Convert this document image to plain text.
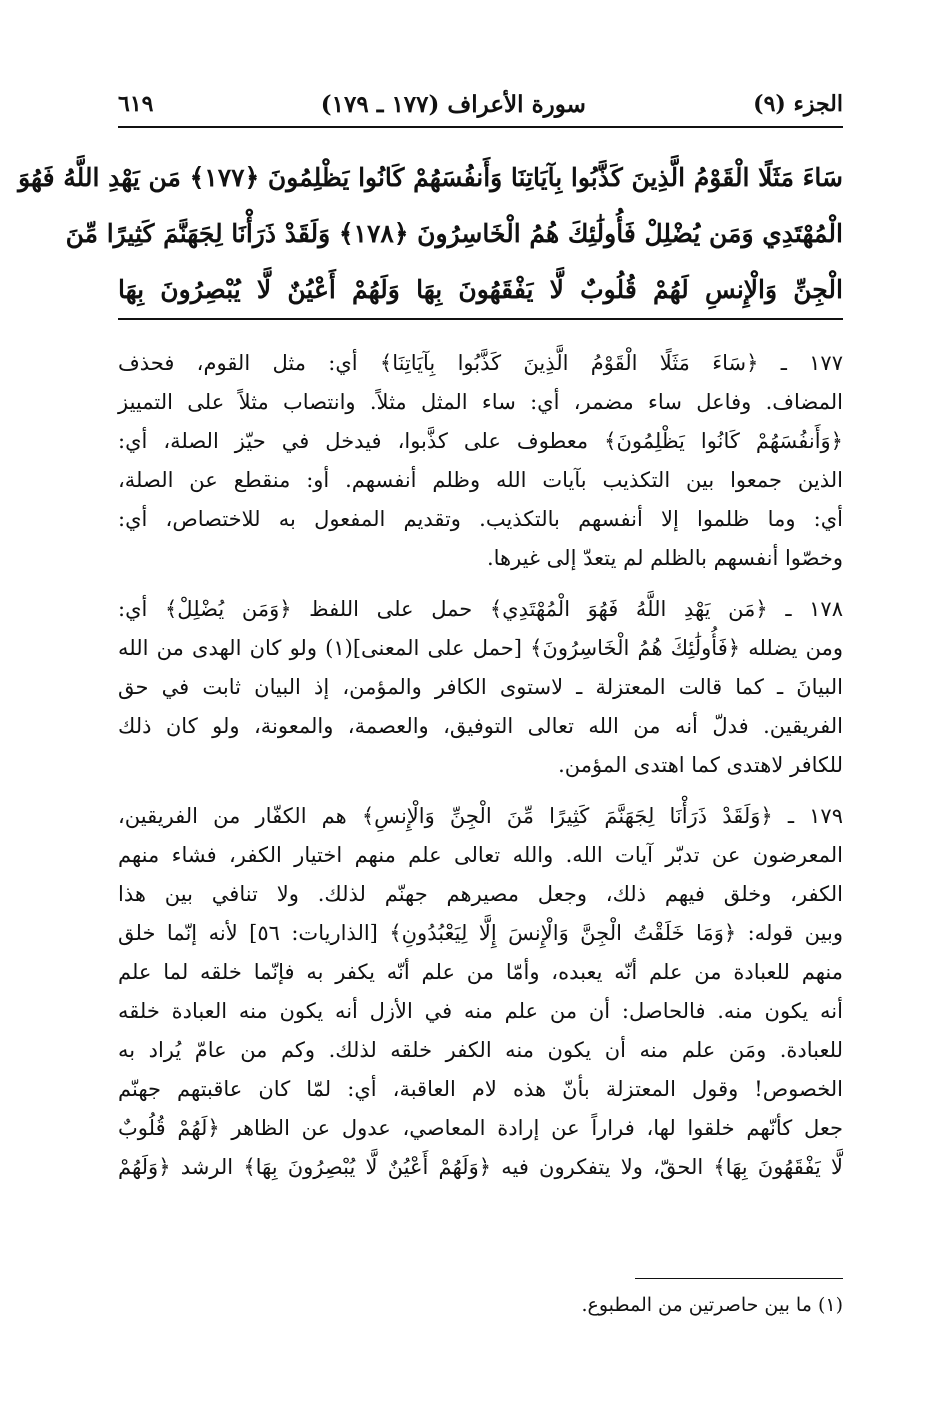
الجزء (٩)
سورة الأعراف (١٧٧ ـ ١٧٩)
٦١٩
سَاءَ مَثَلًا الْقَوْمُ الَّذِينَ كَذَّبُوا بِآيَاتِنَا وَأَنفُسَهُمْ كَانُوا يَظْلِمُونَ ﴿١٧٧﴾ مَن يَهْدِ اللَّهُ فَهُوَ
الْمُهْتَدِي وَمَن يُضْلِلْ فَأُولَٰئِكَ هُمُ الْخَاسِرُونَ ﴿١٧٨﴾ وَلَقَدْ ذَرَأْنَا لِجَهَنَّمَ كَثِيرًا مِّنَ
الْجِنِّ وَالْإِنسِ لَهُمْ قُلُوبٌ لَّا يَفْقَهُونَ بِهَا وَلَهُمْ أَعْيُنٌ لَّا يُبْصِرُونَ بِهَا
١٧٧ ـ ﴿سَاءَ مَثَلًا الْقَوْمُ الَّذِينَ كَذَّبُوا بِآيَاتِنَا﴾ أي: مثل القوم، فحذف
المضاف. وفاعل ساء مضمر، أي: ساء المثل مثلاً. وانتصاب مثلاً على التمييز
﴿وَأَنفُسَهُمْ كَانُوا يَظْلِمُونَ﴾ معطوف على كذَّبوا، فيدخل في حيّز الصلة، أي:
الذين جمعوا بين التكذيب بآيات الله وظلم أنفسهم. أو: منقطع عن الصلة،
أي: وما ظلموا إلا أنفسهم بالتكذيب. وتقديم المفعول به للاختصاص، أي:
وخصّوا أنفسهم بالظلم لم يتعدّ إلى غيرها.
١٧٨ ـ ﴿مَن يَهْدِ اللَّهُ فَهُوَ الْمُهْتَدِي﴾ حمل على اللفظ ﴿وَمَن يُضْلِلْ﴾ أي:
ومن يضلله ﴿فَأُولَٰئِكَ هُمُ الْخَاسِرُونَ﴾ [حمل على المعنى](١) ولو كان الهدى من الله
البيانَ ـ كما قالت المعتزلة ـ لاستوى الكافر والمؤمن، إذ البيان ثابت في حق
الفريقين. فدلّ أنه من الله تعالى التوفيق، والعصمة، والمعونة، ولو كان ذلك
للكافر لاهتدى كما اهتدى المؤمن.
١٧٩ ـ ﴿وَلَقَدْ ذَرَأْنَا لِجَهَنَّمَ كَثِيرًا مِّنَ الْجِنِّ وَالْإِنسِ﴾ هم الكفّار من الفريقين،
المعرضون عن تدبّر آيات الله. والله تعالى علم منهم اختيار الكفر، فشاء منهم
الكفر، وخلق فيهم ذلك، وجعل مصيرهم جهنّم لذلك. ولا تنافي بين هذا
وبين قوله: ﴿وَمَا خَلَقْتُ الْجِنَّ وَالْإِنسَ إِلَّا لِيَعْبُدُونِ﴾ [الذاريات: ٥٦] لأنه إنّما خلق
منهم للعبادة من علم أنّه يعبده، وأمّا من علم أنّه يكفر به فإنّما خلقه لما علم
أنه يكون منه. فالحاصل: أن من علم منه في الأزل أنه يكون منه العبادة خلقه
للعبادة. ومَن علم منه أن يكون منه الكفر خلقه لذلك. وكم من عامّ يُراد به
الخصوص! وقول المعتزلة بأنّ هذه لام العاقبة، أي: لمّا كان عاقبتهم جهنّم
جعل كأنّهم خلقوا لها، فراراً عن إرادة المعاصي، عدول عن الظاهر ﴿لَهُمْ قُلُوبٌ
لَّا يَفْقَهُونَ بِهَا﴾ الحقّ، ولا يتفكرون فيه ﴿وَلَهُمْ أَعْيُنٌ لَّا يُبْصِرُونَ بِهَا﴾ الرشد ﴿وَلَهُمْ
(١) ما بين حاصرتين من المطبوع.
